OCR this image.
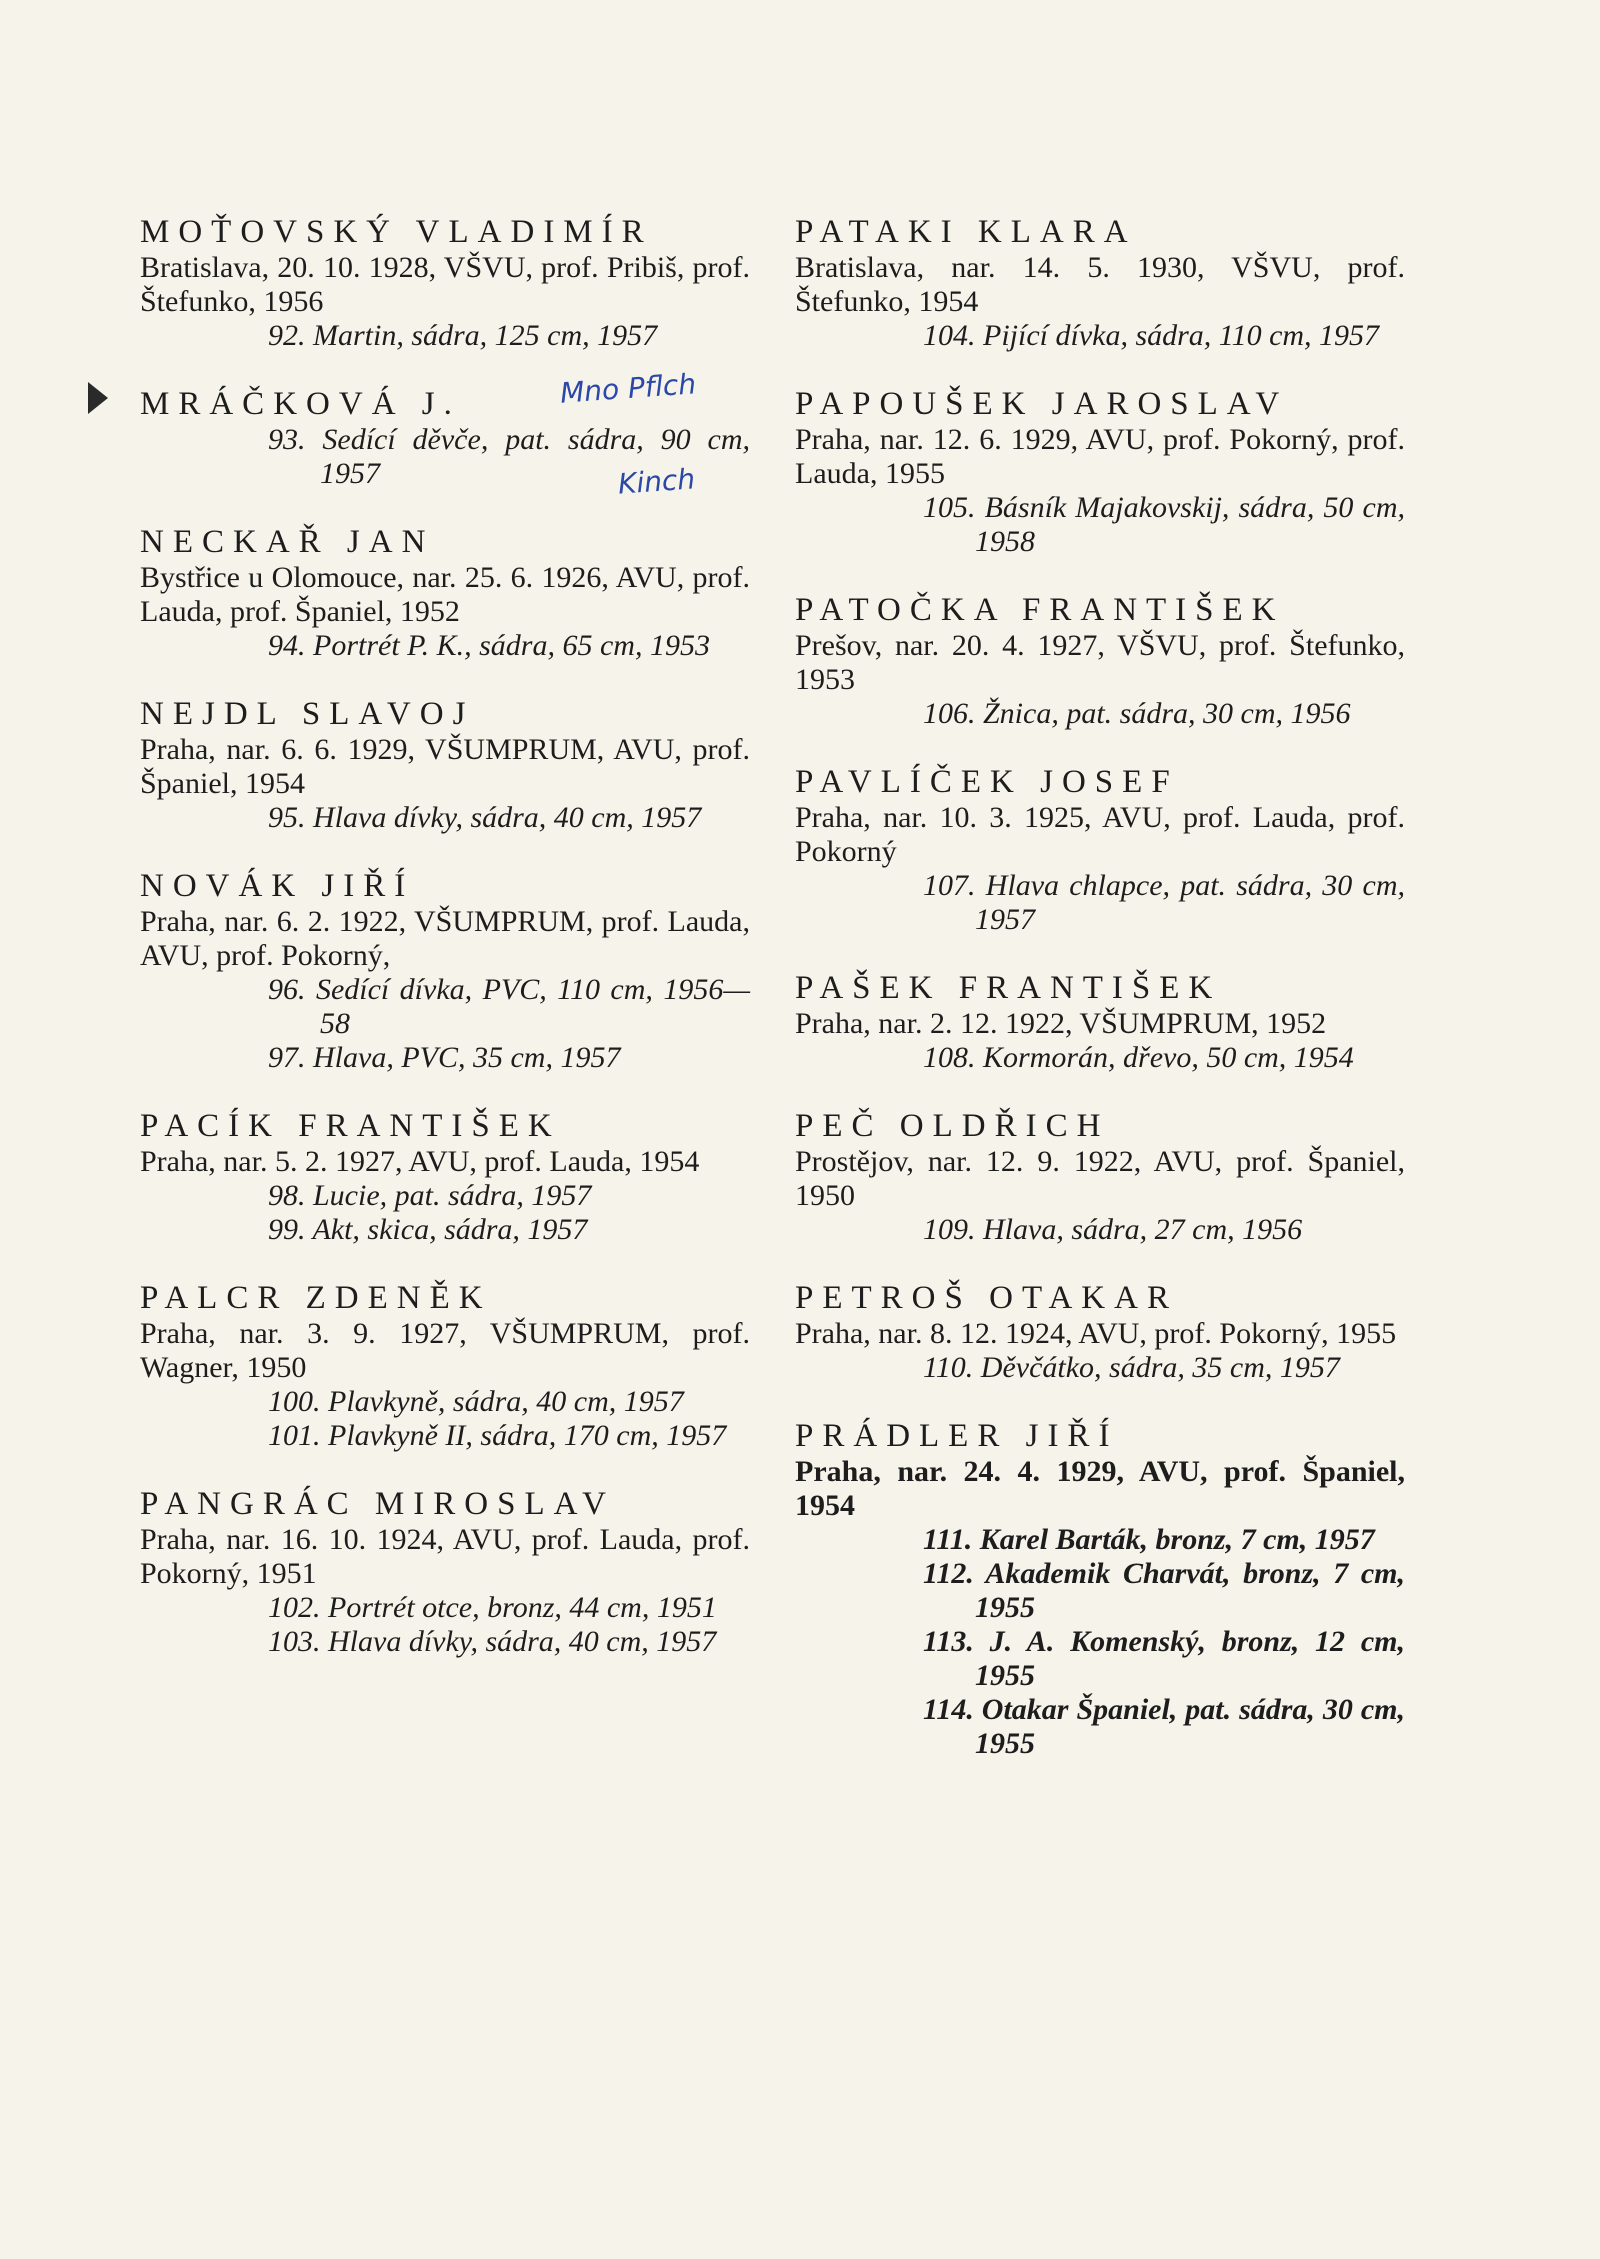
Mno Pflch
Kinch
MOŤOVSKÝ VLADIMÍR
Bratislava, 20. 10. 1928, VŠVU, prof. Pribiš, prof. Štefunko, 1956
92. Martin, sádra, 125 cm, 1957
MRÁČKOVÁ J.
93. Sedící děvče, pat. sádra, 90 cm, 1957
NECKAŘ JAN
Bystřice u Olomouce, nar. 25. 6. 1926, AVU, prof. Lauda, prof. Španiel, 1952
94. Portrét P. K., sádra, 65 cm, 1953
NEJDL SLAVOJ
Praha, nar. 6. 6. 1929, VŠUMPRUM, AVU, prof. Španiel, 1954
95. Hlava dívky, sádra, 40 cm, 1957
NOVÁK JIŘÍ
Praha, nar. 6. 2. 1922, VŠUMPRUM, prof. Lauda, AVU, prof. Pokorný,
96. Sedící dívka, PVC, 110 cm, 1956—58
97. Hlava, PVC, 35 cm, 1957
PACÍK FRANTIŠEK
Praha, nar. 5. 2. 1927, AVU, prof. Lauda, 1954
98. Lucie, pat. sádra, 1957
99. Akt, skica, sádra, 1957
PALCR ZDENĚK
Praha, nar. 3. 9. 1927, VŠUMPRUM, prof. Wagner, 1950
100. Plavkyně, sádra, 40 cm, 1957
101. Plavkyně II, sádra, 170 cm, 1957
PANGRÁC MIROSLAV
Praha, nar. 16. 10. 1924, AVU, prof. Lauda, prof. Pokorný, 1951
102. Portrét otce, bronz, 44 cm, 1951
103. Hlava dívky, sádra, 40 cm, 1957
PATAKI KLARA
Bratislava, nar. 14. 5. 1930, VŠVU, prof. Štefunko, 1954
104. Pijící dívka, sádra, 110 cm, 1957
PAPOUŠEK JAROSLAV
Praha, nar. 12. 6. 1929, AVU, prof. Pokorný, prof. Lauda, 1955
105. Básník Majakovskij, sádra, 50 cm, 1958
PATOČKA FRANTIŠEK
Prešov, nar. 20. 4. 1927, VŠVU, prof. Štefunko, 1953
106. Žnica, pat. sádra, 30 cm, 1956
PAVLÍČEK JOSEF
Praha, nar. 10. 3. 1925, AVU, prof. Lauda, prof. Pokorný
107. Hlava chlapce, pat. sádra, 30 cm, 1957
PAŠEK FRANTIŠEK
Praha, nar. 2. 12. 1922, VŠUMPRUM, 1952
108. Kormorán, dřevo, 50 cm, 1954
PEČ OLDŘICH
Prostějov, nar. 12. 9. 1922, AVU, prof. Španiel, 1950
109. Hlava, sádra, 27 cm, 1956
PETROŠ OTAKAR
Praha, nar. 8. 12. 1924, AVU, prof. Pokorný, 1955
110. Děvčátko, sádra, 35 cm, 1957
PRÁDLER JIŘÍ
Praha, nar. 24. 4. 1929, AVU, prof. Španiel, 1954
111. Karel Barták, bronz, 7 cm, 1957
112. Akademik Charvát, bronz, 7 cm, 1955
113. J. A. Komenský, bronz, 12 cm, 1955
114. Otakar Španiel, pat. sádra, 30 cm, 1955
